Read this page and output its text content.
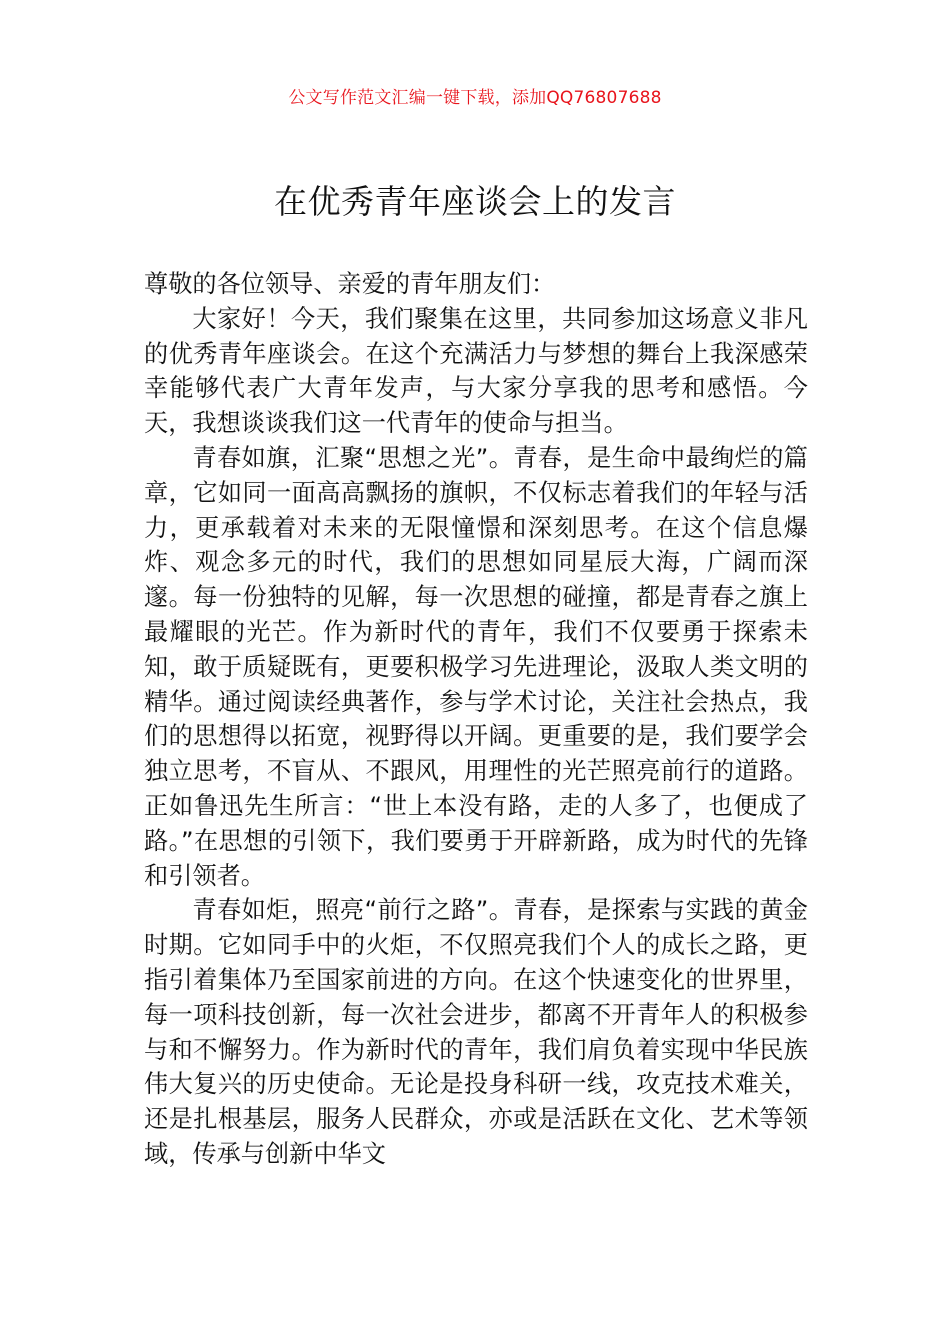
公文写作范文汇编一键下载，添加QQ76807688
在优秀青年座谈会上的发言

尊敬的各位领导、亲爱的青年朋友们：

大家好！今天，我们聚集在这里，共同参加这场意义非凡的优秀青年座谈会。在这个充满活力与梦想的舞台上我深感荣幸能够代表广大青年发声，与大家分享我的思考和感悟。今天，我想谈谈我们这一代青年的使命与担当。

青春如旗，汇聚“思想之光”。青春，是生命中最绚烂的篇章，它如同一面高高飘扬的旗帜，不仅标志着我们的年轻与活力，更承载着对未来的无限憧憬和深刻思考。在这个信息爆炸、观念多元的时代，我们的思想如同星辰大海，广阔而深邃。每一份独特的见解，每一次思想的碰撞，都是青春之旗上最耀眼的光芒。作为新时代的青年，我们不仅要勇于探索未知，敢于质疑既有，更要积极学习先进理论，汲取人类文明的精华。通过阅读经典著作，参与学术讨论，关注社会热点，我们的思想得以拓宽，视野得以开阔。更重要的是，我们要学会独立思考，不盲从、不跟风，用理性的光芒照亮前行的道路。正如鲁迅先生所言：“世上本没有路，走的人多了，也便成了路。”在思想的引领下，我们要勇于开辟新路，成为时代的先锋和引领者。

青春如炬，照亮“前行之路”。青春，是探索与实践的黄金时期。它如同手中的火炬，不仅照亮我们个人的成长之路，更指引着集体乃至国家前进的方向。在这个快速变化的世界里，每一项科技创新，每一次社会进步，都离不开青年人的积极参与和不懈努力。作为新时代的青年，我们肩负着实现中华民族伟大复兴的历史使命。无论是投身科研一线，攻克技术难关，还是扎根基层，服务人民群众，亦或是活跃在文化、艺术等领域，传承与创新中华文
